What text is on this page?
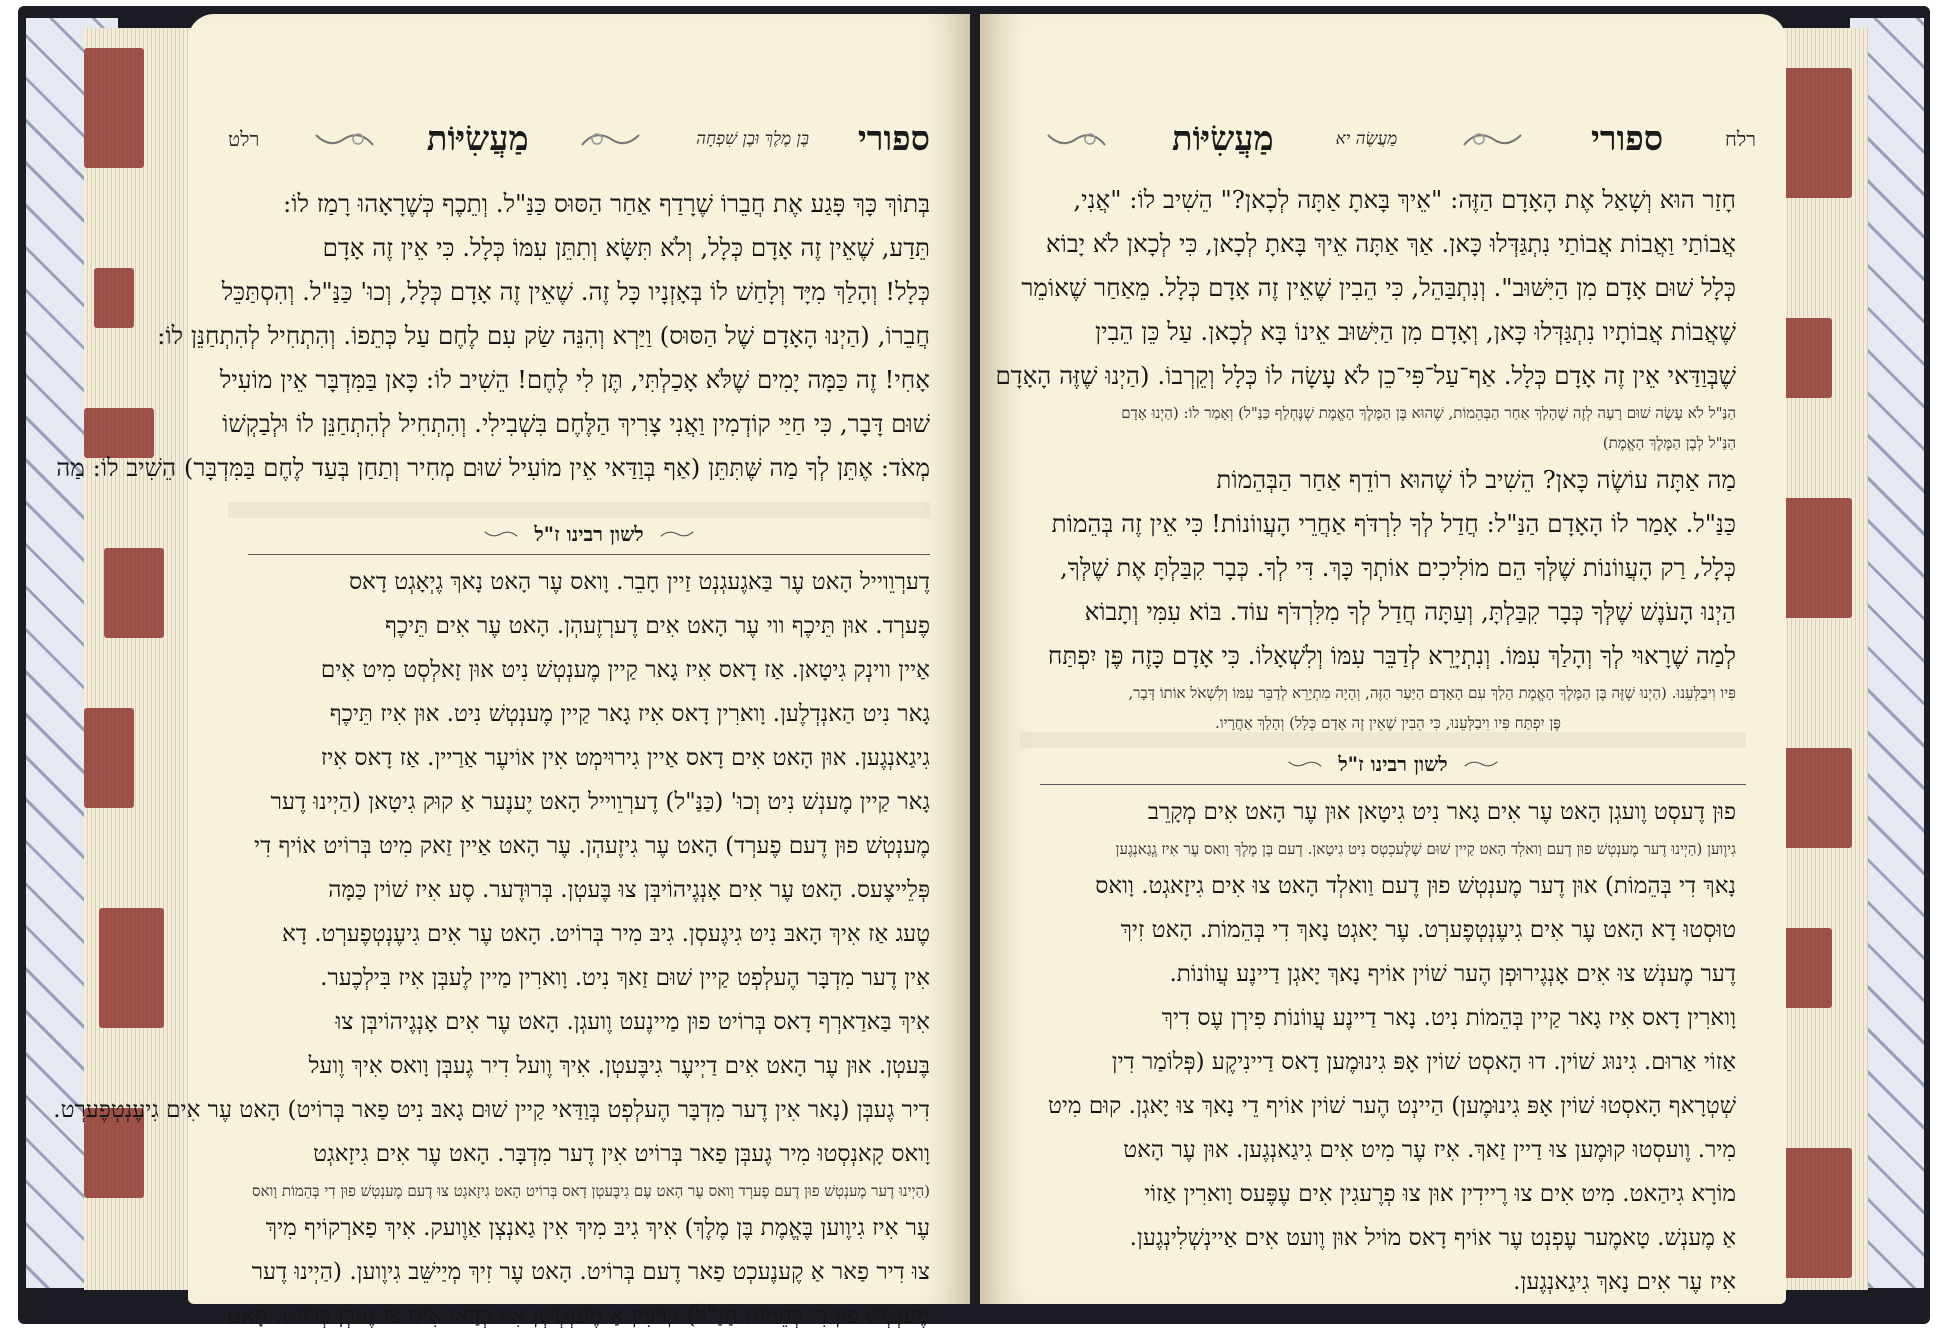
ספורי
בֶּן מֶלֶךְ וּבֶן שִׁפְחָה
מַעֲשִׂיּוֹת
רלט
בְּתוֹךְ כָּךְ פָּגַע אֶת חֲבֵרוֹ שֶׁרָדַף אַחַר הַסּוּס כַּנַּ"ל. וְתֵכֶף כְּשֶׁרָאָהוּ רָמַז לוֹ:
תֵּדַע, שֶׁאֵין זֶה אָדָם כְּלָל, וְלֹא תִּשָּׂא וְתִתֵּן עִמּוֹ כְּלָל. כִּי אֵין זֶה אָדָם
כְּלָל! וְהָלַךְ מִיָּד וְלָחַשׁ לוֹ בְּאָזְנָיו כָּל זֶה. שֶׁאֵין זֶה אָדָם כְּלָל, וְכוּ' כַּנַּ"ל. וְהִסְתַּכֵּל
חֲבֵרוֹ, (הַיְנוּ הָאָדָם שֶׁל הַסּוּס) וַיַּרְא וְהִנֵּה שַׂק עִם לֶחֶם עַל כְּתֵפוֹ. וְהִתְחִיל לְהִתְחַנֵּן לוֹ:
אָחִי! זֶה כַּמָּה יָמִים שֶׁלֹּא אָכַלְתִּי, תֶּן לִי לֶחֶם! הֵשִׁיב לוֹ: כָּאן בַּמִּדְבָּר אֵין מוֹעִיל
שׁוּם דָּבָר, כִּי חַיַּי קוֹדְמִין וַאֲנִי צָרִיךְ הַלֶּחֶם בִּשְׁבִילִי. וְהִתְחִיל לְהִתְחַנֵּן לוֹ וּלְבַקְשׁוֹ
מְאֹד: אֶתֵּן לְךָ מַה שֶּׁתִּתֵּן (אַף בְּוַדַּאי אֵין מוֹעִיל שׁוּם מְחִיר וְתַחַן בְּעַד לֶחֶם בַּמִּדְבָּר) הֵשִׁיב לוֹ: מַה
לשון רבינו ז"ל
דֶערְוֵוייל הָאט עֶר בַּאגֶעגְנְט זַיין חָבֵר. וָואס עֶר הָאט נָאךְ גֶיְאָגְט דָאס
פֶערְד. אוּן תֵּיכֶף ווי עֶר הָאט אִים דֶערְזֶעהְן. הָאט עֶר אִים תֵּיכֶף
אַיין ווינְק גִיטָאן. אַז דָאס אִיז גָאר קַיין מֶענְטְשׁ נִיט אוּן זָאלְסְט מִיט אִים
גָאר נִיט הַאנְדְלֶען. וָוארִין דָאס אִיז גָאר קַיין מֶענְטְשׁ נִיט. אוּן אִיז תֵּיכֶף
גִיגַאנְגֶען. אוּן הָאט אִים דָאס אַיין גִירוּימְט אִין אוֹיעֶר אַרַיין. אַז דָאס אִיז
גָאר קַיין מֶענְשׁ נִיט וְכוּ' (כַּנַּ"ל) דֶערְוֵוייל הָאט יֶענֶער אַ קוּק גִיטָאן (הַיְינוּ דֶער
מֶענְטְשׁ פוּן דֶעם פֶערְד) הָאט עֶר גִיזֶעהְן. עֶר הָאט אַיין זַאק מִיט בְּרוֹיט אוֹיף דִי
פְּלֵייצֶעס. הָאט עֶר אִים אָנְגֶיהוֹיבְּן צוּ בֶּעטְן. בְּרוּדֶער. סֶע אִיז שׁוֹין כַּמָּה
טֶעג אַז אִיךְ הָאבּ נִיט גִיגֶעסְן. גִיבּ מִיר בְּרוֹיט. הָאט עֶר אִים גִיעֶנְטְפֶערְט. דָא
אִין דֶער מִדְבָּר הֶעלְפְט קַיין שׁוּם זַאךְ נִיט. וָוארִין מַיין לֶעבְּן אִיז בִּילְכֶער.
אִיךְ בַּאדַארְף דָאס בְּרוֹיט פוּן מַיינֶעט וֶועגְן. הָאט עֶר אִים אָנְגֶיהוֹיבְּן צוּ
בֶּעטְן. אוּן עֶר הָאט אִים דַיְיעֶר גִיבֶּעטְן. אִיךְ וֶועל דִיר גֶעבְּן וָואס אִיךְ וֶועל
דִיר גֶעבְּן (נָאר אִין דֶער מִדְבָּר הֶעלְפְט בְּוַדַּאי קַיין שׁוּם גָאבּ נִיט פַאר בְּרוֹיט) הָאט עֶר אִים גִיעֶנְטְפֶערְט.
וָואס קָאנְסְטוּ מִיר גֶעבְּן פַאר בְּרוֹיט אִין דֶער מִדְבָּר. הָאט עֶר אִים גִיזָאגְט
(הַיְינוּ דֶער מֶענְטְשׁ פוּן דֶעם פֶערְד וָואס עֶר הָאט עֶם גִיבֶּעטְן דָאס בְּרוֹיט הָאט גִיזָאגְט צוּ דֶעם מֶענְטְשׁ פוּן דִי בְּהֵמוֹת וָואס
עֶר אִיז גִיוֶוען בֶּאֱמֶת בֶּן מֶלֶךְ) אִיךְ גִיבּ מִיךְ אִין גַאנְצְן אַוֶועק. אִיךְ פַארְקוֹיף מִיךְ
צוּ דִיר פַאר אַ קֶענֶעכְט פַאר דֶעם בְּרוֹיט. הָאט עֶר זִיךְ מְיַישֵּׁב גִיוֶוען. (הַיְינוּ דֶער
מֶענְטְשׁ פוּן דִי בְּהֵמוֹת הַנַּ"ל) קוֹיפִין אַ מֶענְטְשְׁן אִיז כְּדַאי אִים צוּ גֶעבְּן בְּרוֹיט. הָאט
רלח
ספורי
מַעֲשֶׂה יא
מַעֲשִׂיּוֹת
חָזַר הוּא וְשָׁאַל אֶת הָאָדָם הַזֶּה: "אֵיךְ בָּאתָ אַתָּה לְכָאן?" הֵשִׁיב לוֹ: "אֲנִי,
אֲבוֹתַי וַאֲבוֹת אֲבוֹתַי נִתְגַּדְּלוּ כָּאן. אַךְ אַתָּה אֵיךְ בָּאתָ לְכָאן, כִּי לְכָאן לֹא יָבוֹא
כְּלָל שׁוּם אָדָם מִן הַיִּשּׁוּב". וְנִתְבַּהֵל, כִּי הֵבִין שֶׁאֵין זֶה אָדָם כְּלָל. מֵאַחַר שֶׁאוֹמֵר
שֶׁאֲבוֹת אֲבוֹתָיו נִתְגַּדְּלוּ כָּאן, וְאָדָם מִן הַיִּשּׁוּב אֵינוֹ בָּא לְכָאן. עַל כֵּן הֵבִין
שֶׁבְּוַדַּאי אֵין זֶה אָדָם כְּלָל. אַף־עַל־פִּי־כֵן לֹא עָשָׂה לוֹ כְּלָל וְקֵרְבוֹ. (הַיְנוּ שֶׁזֶּה הָאָדָם
הַנַּ"ל לֹא עָשָׂה שׁוּם רָעָה לְזֶה שֶׁהָלַךְ אַחַר הַבְּהֵמוֹת, שֶׁהוּא בֶּן הַמֶּלֶךְ הָאֱמֶת שֶׁנֶּחְלַף כַּנַּ"ל) וְאָמַר לוֹ: (הַיְנוּ אָדָם
הַנַּ"ל לְבֶן הַמֶּלֶךְ הָאֱמֶת)
מַה אַתָּה עוֹשֶׂה כָּאן? הֵשִׁיב לוֹ שֶׁהוּא רוֹדֵף אַחַר הַבְּהֵמוֹת
כַּנַּ"ל. אָמַר לוֹ הָאָדָם הַנַּ"ל: חֲדַל לְךָ לִרְדֹּף אַחֲרֵי הָעֲווֹנוֹת! כִּי אֵין זֶה בְּהֵמוֹת
כְּלָל, רַק הָעֲווֹנוֹת שֶׁלְּךָ הֵם מוֹלִיכִים אוֹתְךָ כָּךְ. דִּי לְךָ. כְּבָר קִבַּלְתָּ אֶת שֶׁלְּךָ,
הַיְנוּ הָעֹנֶשׁ שֶׁלְּךָ כְּבָר קִבַּלְתָּ, וְעַתָּה חֲדַל לְךָ מִלִּרְדֹּף עוֹד. בּוֹא עִמִּי וְתָבוֹא
לְמַה שֶׁרָאוּי לְךָ וְהָלַךְ עִמּוֹ. וְנִתְיָרֵא לְדַבֵּר עִמּוֹ וְלִשְׁאָלוֹ. כִּי אָדָם כָּזֶה פֶּן יִפְתַּח
פִּיו וִיבַלְּעֵנוּ. (הַיְנוּ שֶׁזֶּה בֶּן הַמֶּלֶךְ הָאֱמֶת הָלַךְ עִם הָאָדָם הַיַּעַר הַזֶּה, וְהָיָה מִתְיָרֵא לְדַבֵּר עִמּוֹ וְלִשְׁאֹל אוֹתוֹ דָּבָר,
פֶּן יִפְתַּח פִּיו וִיבַלְּעֵנוּ, כִּי הֵבִין שֶׁאֵין זֶה אָדָם כְּלָל) וְהָלַךְ אַחֲרָיו.
לשון רבינו ז"ל
פוּן דֶעסְט וֶועגְן הָאט עֶר אִים גָאר נִיט גִיטָאן אוּן עֶר הָאט אִים מְקָרֵב
גִיוֶוען (הַיְינוּ דֶער מֶענְטְשׁ פוּן דֶעם וַואלְד הָאט קַיין שׁוּם שָׁלֶעכְטְס נִיט גִיטָאן. דֶעם בֶּן מֶלֶךְ וָואס עֶר אִיז גְֶגַאנְגֶען
נָאךְ דִי בְּהֵמוֹת) אוּן דֶער מֶענְטְשׁ פוּן דֶעם וַואלְד הָאט צוּ אִים גִיזָאגְט. וָואס
טוּסְטוּ דָא הָאט עֶר אִים גִיעֶנְטְפֶערְט. עֶר יָאגְט נָאךְ דִי בְּהֵמוֹת. הָאט זִיךְ
דֶער מֶענְשׁ צוּ אִים אָנְגֶירוּפְן הֶער שׁוֹין אוֹיף נָאךְ יָאגְן דַיינֶע עֲווֹנוֹת.
וָוארִין דָאס אִיז גָאר קַיין בְּהֵמוֹת נִיט. נָאר דַיינֶע עֲווֹנוֹת פִירְן עֶס דִיךְ
אַזוֹי אַרוּם. גִינוּג שׁוֹין. דוּ הָאסְט שׁוֹין אָפּ גִינוּמֶען דָאס דַיינִיקֶע (פְּלוֹמַר דִין
שְׁטְרָאף הָאסְטוּ שׁוֹין אָפּ גִינוּמֶען) הַיינְט הֶער שׁוֹין אוֹיף דֵי נָאךְ צוּ יָאגְן. קוּם מִיט
מִיר. וֶועסְטוּ קוּמֶען צוּ דַיין זַאךְ. אִיז עֶר מִיט אִים גִיגַאנְגֶען. אוּן עֶר הָאט
מוֹרָא גִיהַאט. מִיט אִים צוּ רֶיידִין אוּן צוּ פְרֶעגִין אִים עֶפֶּעס וָוארִין אַזוֹי
אַ מֶענְשׁ. טָאמֶער עֶפְנְט עֶר אוֹיף דָאס מוֹיל אוּן וֶועט אִים אַיינְשְׁלִינְגֶען.
אִיז עֶר אִים נָאךְ גִיגַאנְגֶען.
